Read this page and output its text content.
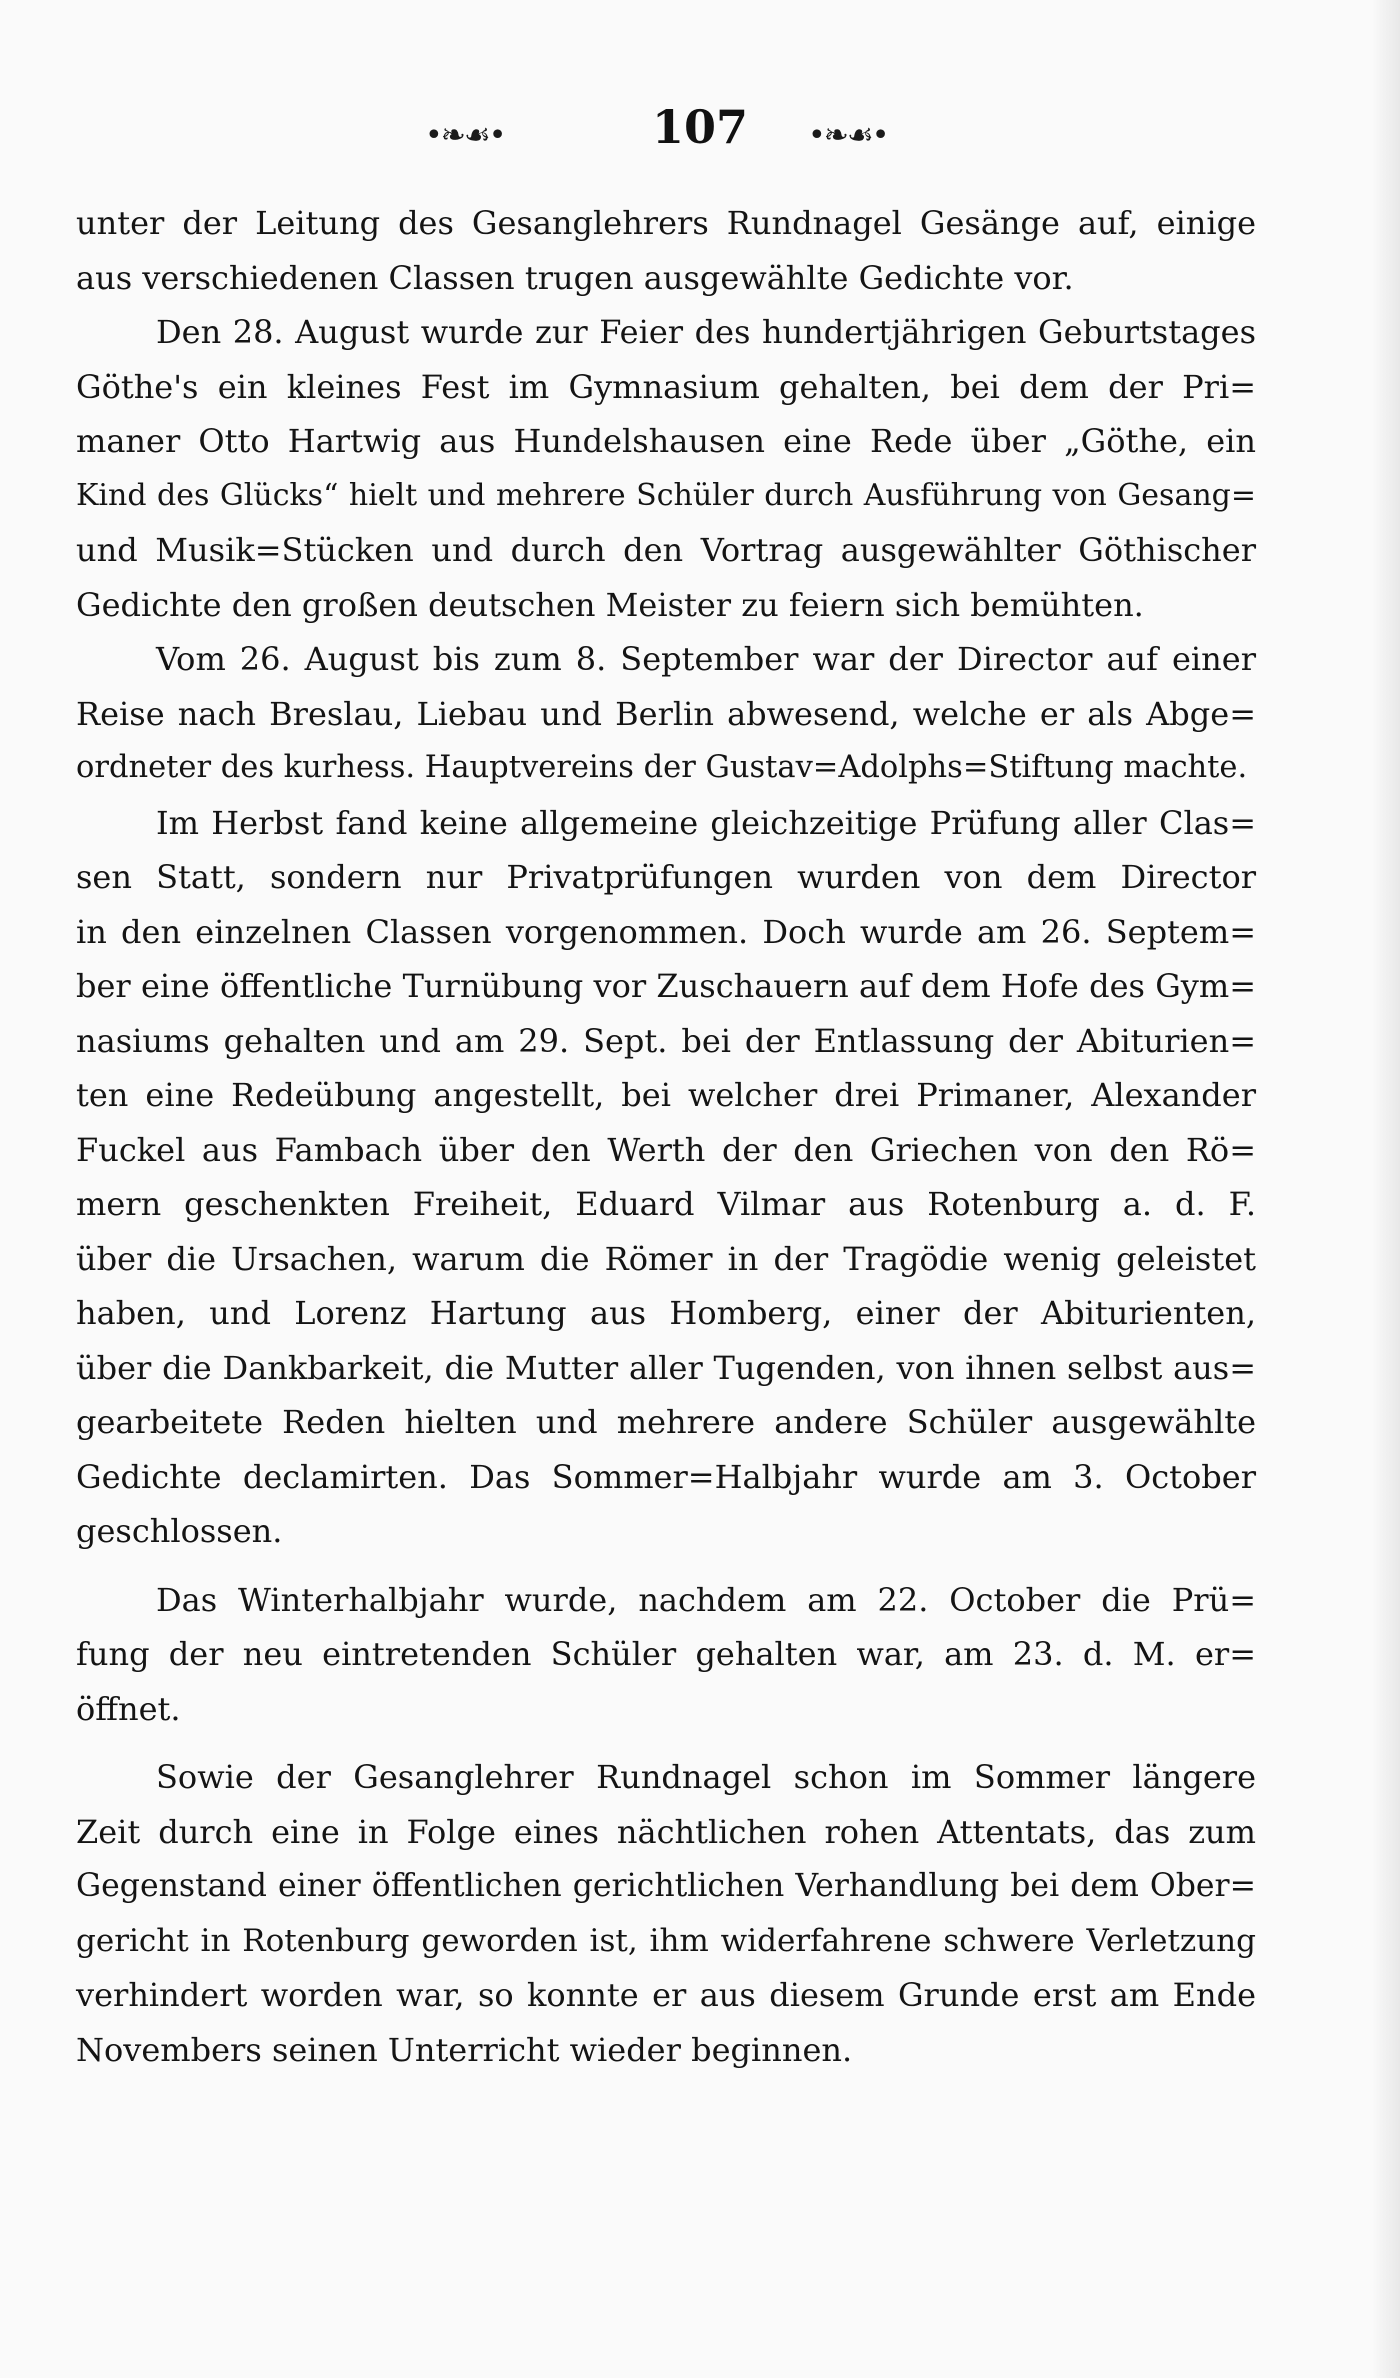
•❧☙•	107	•❧☙•
unter der Leitung des Gesanglehrers Rundnagel Gesänge auf, einige
aus verschiedenen Classen trugen ausgewählte Gedichte vor.
Den 28. August wurde zur Feier des hundertjährigen Geburtstages
Göthe's ein kleines Fest im Gymnasium gehalten, bei dem der Pri=
maner Otto Hartwig aus Hundelshausen eine Rede über „Göthe, ein
Kind des Glücks“ hielt und mehrere Schüler durch Ausführung von Gesang=
und Musik=Stücken und durch den Vortrag ausgewählter Göthischer
Gedichte den großen deutschen Meister zu feiern sich bemühten.
Vom 26. August bis zum 8. September war der Director auf einer
Reise nach Breslau, Liebau und Berlin abwesend, welche er als Abge=
ordneter des kurhess. Hauptvereins der Gustav=Adolphs=Stiftung machte.
Im Herbst fand keine allgemeine gleichzeitige Prüfung aller Clas=
sen Statt, sondern nur Privatprüfungen wurden von dem Director
in den einzelnen Classen vorgenommen. Doch wurde am 26. Septem=
ber eine öffentliche Turnübung vor Zuschauern auf dem Hofe des Gym=
nasiums gehalten und am 29. Sept. bei der Entlassung der Abiturien=
ten eine Redeübung angestellt, bei welcher drei Primaner, Alexander
Fuckel aus Fambach über den Werth der den Griechen von den Rö=
mern geschenkten Freiheit, Eduard Vilmar aus Rotenburg a. d. F.
über die Ursachen, warum die Römer in der Tragödie wenig geleistet
haben, und Lorenz Hartung aus Homberg, einer der Abiturienten,
über die Dankbarkeit, die Mutter aller Tugenden, von ihnen selbst aus=
gearbeitete Reden hielten und mehrere andere Schüler ausgewählte
Gedichte declamirten. Das Sommer=Halbjahr wurde am 3. October
geschlossen.
Das Winterhalbjahr wurde, nachdem am 22. October die Prü=
fung der neu eintretenden Schüler gehalten war, am 23. d. M. er=
öffnet.
Sowie der Gesanglehrer Rundnagel schon im Sommer längere
Zeit durch eine in Folge eines nächtlichen rohen Attentats, das zum
Gegenstand einer öffentlichen gerichtlichen Verhandlung bei dem Ober=
gericht in Rotenburg geworden ist, ihm widerfahrene schwere Verletzung
verhindert worden war, so konnte er aus diesem Grunde erst am Ende
Novembers seinen Unterricht wieder beginnen.
